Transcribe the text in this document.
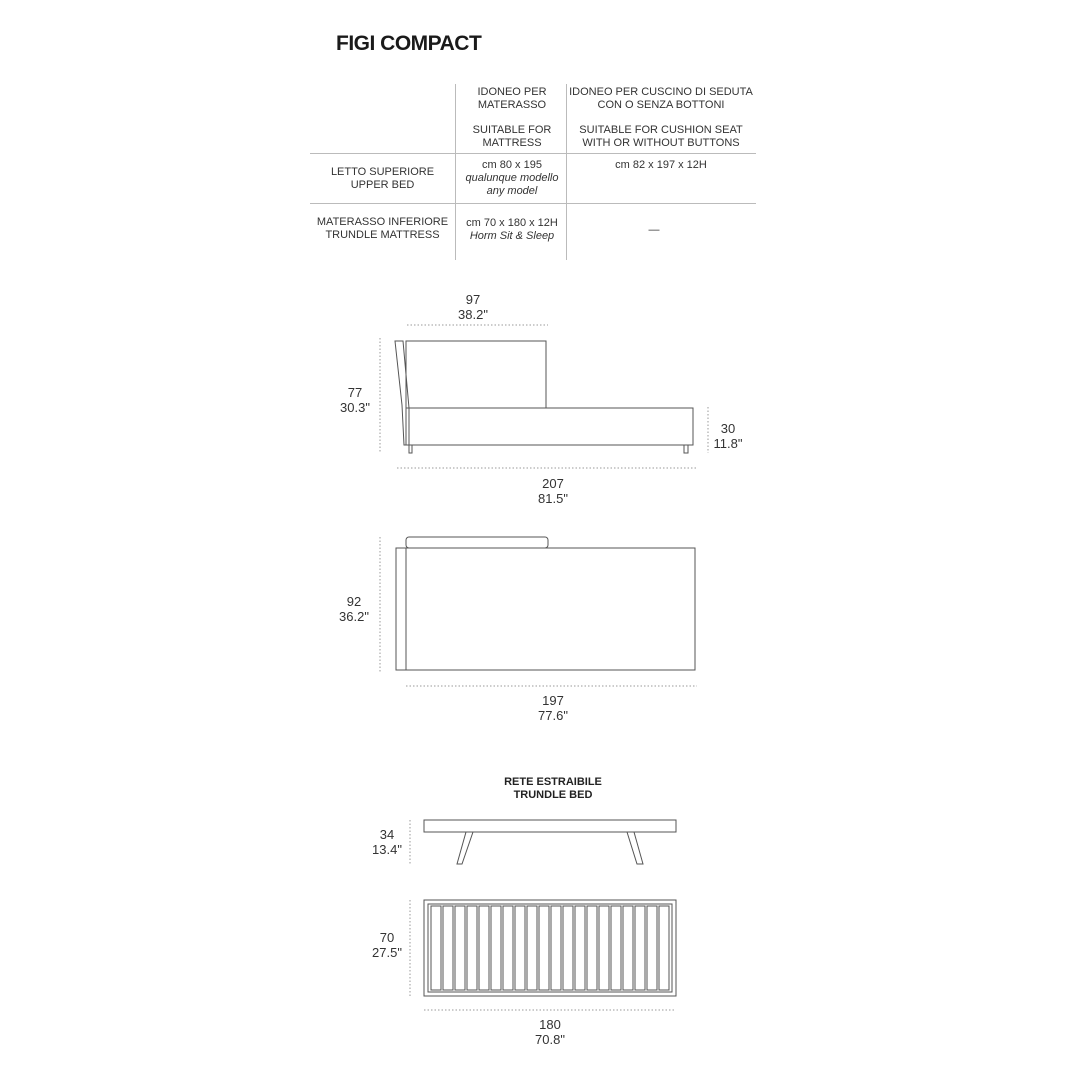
FIGI COMPACT
IDONEO PER
MATERASSO
SUITABLE FOR
MATTRESS
IDONEO PER CUSCINO DI SEDUTA
CON O SENZA BOTTONI
SUITABLE FOR CUSHION SEAT
WITH OR WITHOUT BUTTONS
LETTO SUPERIORE
UPPER BED
cm 80 x 195
qualunque modello
any model
cm 82 x 197 x 12H
MATERASSO INFERIORE
TRUNDLE MATTRESS
cm 70 x 180 x 12H
Horm Sit & Sleep	—
97
38.2"
77
30.3"
30
11.8"
207
81.5"
92
36.2"
197
77.6"
RETE ESTRAIBILE
TRUNDLE BED
34
13.4"
70
27.5"
180
70.8"
